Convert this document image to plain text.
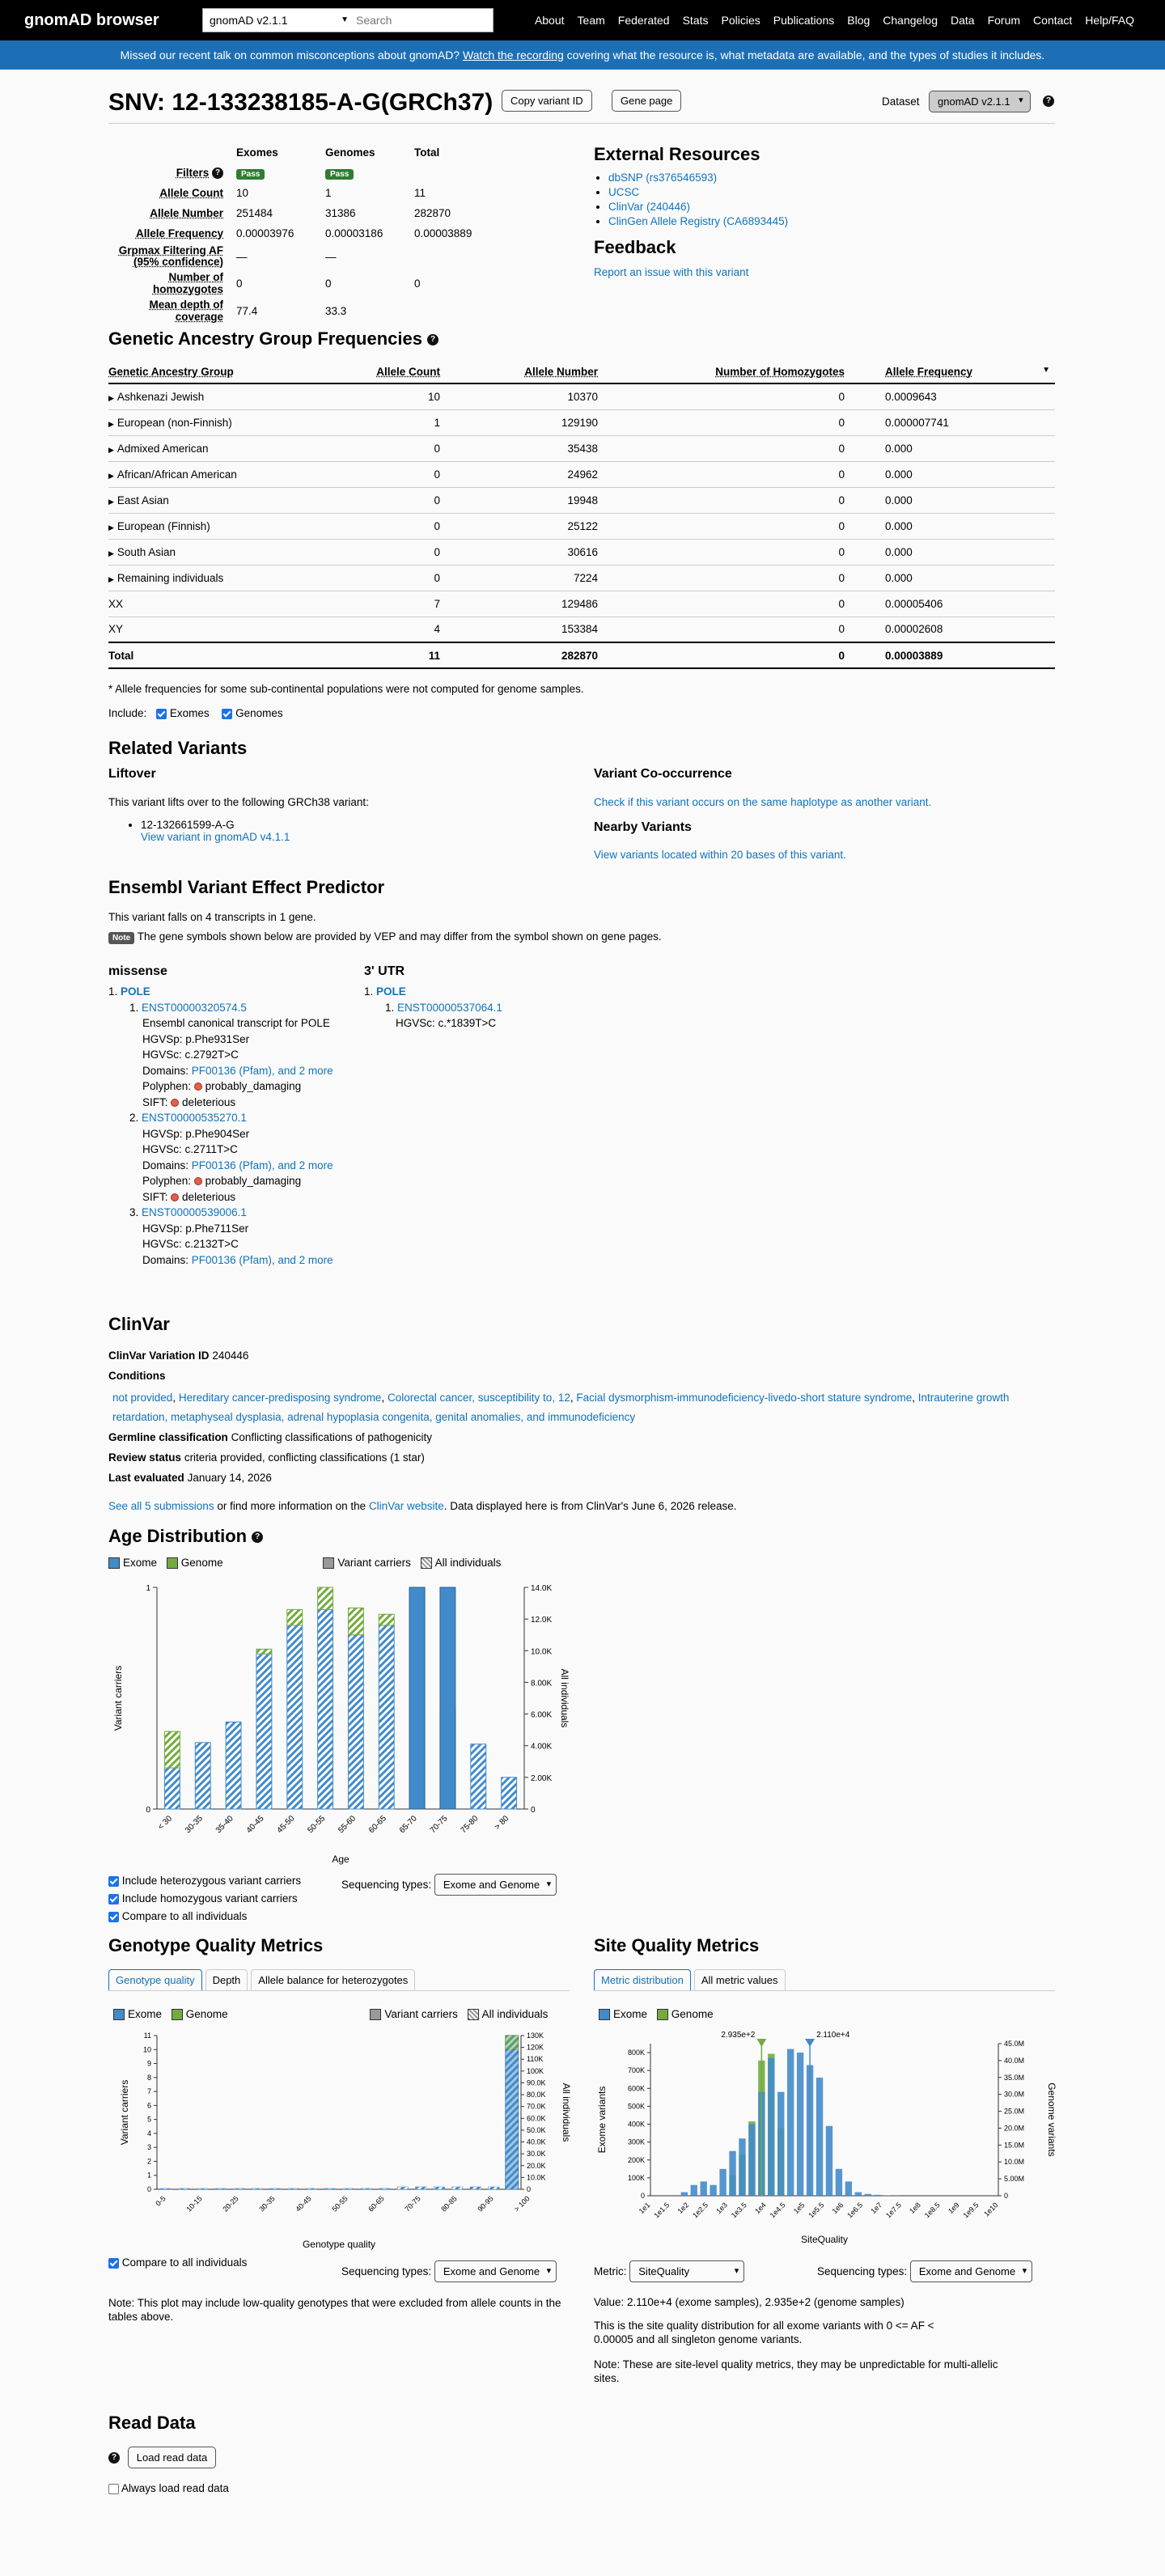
gnomAD browser	gnomAD v2.1.1	▼
Search	About Team Federated Stats Policies Publications Blog Changelog Data Forum Contact Help/FAQ
Missed our recent talk on common misconceptions about gnomAD? Watch the recording covering what the resource is, what metadata are available, and the types of studies it includes.
SNV: 12-133238185-A-G(GRCh37)	Copy variant ID	Gene page	Dataset	gnomAD v2.1.1 ▾	?
	Exomes	Genomes	Total
Filters ?	Pass	Pass	
Allele Count	10	1	11
Allele Number	251484	31386	282870
Allele Frequency	0.00003976	0.00003186	0.00003889
Grpmax Filtering AF (95% confidence)	—	—	
Number of homozygotes	0	0	0
Mean depth of coverage	77.4	33.3	
External Resources
• dbSNP (rs376546593)
• UCSC
• ClinVar (240446)
• ClinGen Allele Registry (CA6893445)
Feedback
Report an issue with this variant
Genetic Ancestry Group Frequencies ?
Genetic Ancestry Group	Allele Count	Allele Number	Number of Homozygotes	Allele Frequency ▼

▶ Ashkenazi Jewish	10	10370	0	0.0009643
▶ European (non-Finnish)	1	129190	0	0.000007741
▶ Admixed American	0	35438	0	0.000
▶ African/African American	0	24962	0	0.000
▶ East Asian	0	19948	0	0.000
▶ European (Finnish)	0	25122	0	0.000
▶ South Asian	0	30616	0	0.000
▶ Remaining individuals	0	7224	0	0.000
XX	7	129486	0	0.00005406
XY	4	153384	0	0.00002608
Total	11	282870	0	0.00003889
* Allele frequencies for some sub-continental populations were not computed for genome samples.
Include: Exomes Genomes
Related Variants
Liftover
This variant lifts over to the following GRCh38 variant:
• 12-132661599-A-G
View variant in gnomAD v4.1.1
Variant Co-occurrence
Check if this variant occurs on the same haplotype as another variant.
Nearby Variants
View variants located within 20 bases of this variant.
Ensembl Variant Effect Predictor
This variant falls on 4 transcripts in 1 gene.
Note The gene symbols shown below are provided by VEP and may differ from the symbol shown on gene pages.
missense
1. POLE
1. ENST00000320574.5
Ensembl canonical transcript for POLE
HGVSp: p.Phe931Ser
HGVSc: c.2792T>C
Domains: PF00136 (Pfam), and 2 more
Polyphen: probably_damaging
SIFT: deleterious
2. ENST00000535270.1
HGVSp: p.Phe904Ser
HGVSc: c.2711T>C
Domains: PF00136 (Pfam), and 2 more
Polyphen: probably_damaging
SIFT: deleterious
3. ENST00000539006.1
HGVSp: p.Phe711Ser
HGVSc: c.2132T>C
Domains: PF00136 (Pfam), and 2 more
3' UTR
1. POLE
1. ENST00000537064.1
HGVSc: c.*1839T>C
ClinVar
ClinVar Variation ID 240446
Conditions
not provided, Hereditary cancer-predisposing syndrome, Colorectal cancer, susceptibility to, 12, Facial dysmorphism-immunodeficiency-livedo-short stature syndrome, Intrauterine growth retardation, metaphyseal dysplasia, adrenal hypoplasia congenita, genital anomalies, and immunodeficiency
Germline classification Conflicting classifications of pathogenicity
Review status criteria provided, conflicting classifications (1 star)
Last evaluated January 14, 2026
See all 5 submissions or find more information on the ClinVar website. Data displayed here is from ClinVar's June 6, 2026 release.
Age Distribution ?
Exome Genome	Variant carriers All individuals
0
1
0
2.00K
4.00K
6.00K
8.00K
10.0K
12.0K
14.0K
Variant carriers	All individuals
Age
< 30 30-35 35-40 40-45 45-50 50-55 55-60 60-65 65-70 70-75 75-80 > 80
Include heterozygous variant carriers
Include homozygous variant carriers
Compare to all individuals
Sequencing types: Exome and Genome ▾
Genotype Quality Metrics
Genotype quality	Depth	Allele balance for heterozygotes
Exome Genome	Variant carriers All individuals
0
1
2
3
4
5
6
7
8
9
10
11
0
10.0K
20.0K
30.0K
40.0K
50.0K
60.0K
70.0K
80.0K
90.0K
100K
110K
120K
130K
Variant carriers	All individuals
Genotype quality
0-5 10-15 20-25 30-35 40-45 50-55 60-65 70-75 80-85 90-95 > 100
Compare to all individuals
Sequencing types: Exome and Genome ▾
Note: This plot may include low-quality genotypes that were excluded from allele counts in the tables above.
Site Quality Metrics
Metric distribution	All metric values
Exome Genome
0
100K
200K
300K
400K
500K
600K
700K
800K
0
5.00M
10.0M
15.0M
20.0M
25.0M
30.0M
35.0M
40.0M
45.0M
Exome variants	Genome variants
SiteQuality
2.935e+2	2.110e+4
1e1 1e1.5 1e2 1e2.5 1e3 1e3.5 1e4 1e4.5 1e5 1e5.5 1e6 1e6.5 1e7 1e7.5 1e8 1e8.5 1e9 1e9.5 1e10
Metric: SiteQuality ▾	Sequencing types: Exome and Genome ▾
Value: 2.110e+4 (exome samples), 2.935e+2 (genome samples)
This is the site quality distribution for all exome variants with 0 <= AF < 0.00005 and all singleton genome variants.
Note: These are site-level quality metrics, they may be unpredictable for multi-allelic sites.
Read Data
? Load read data
Always load read data
